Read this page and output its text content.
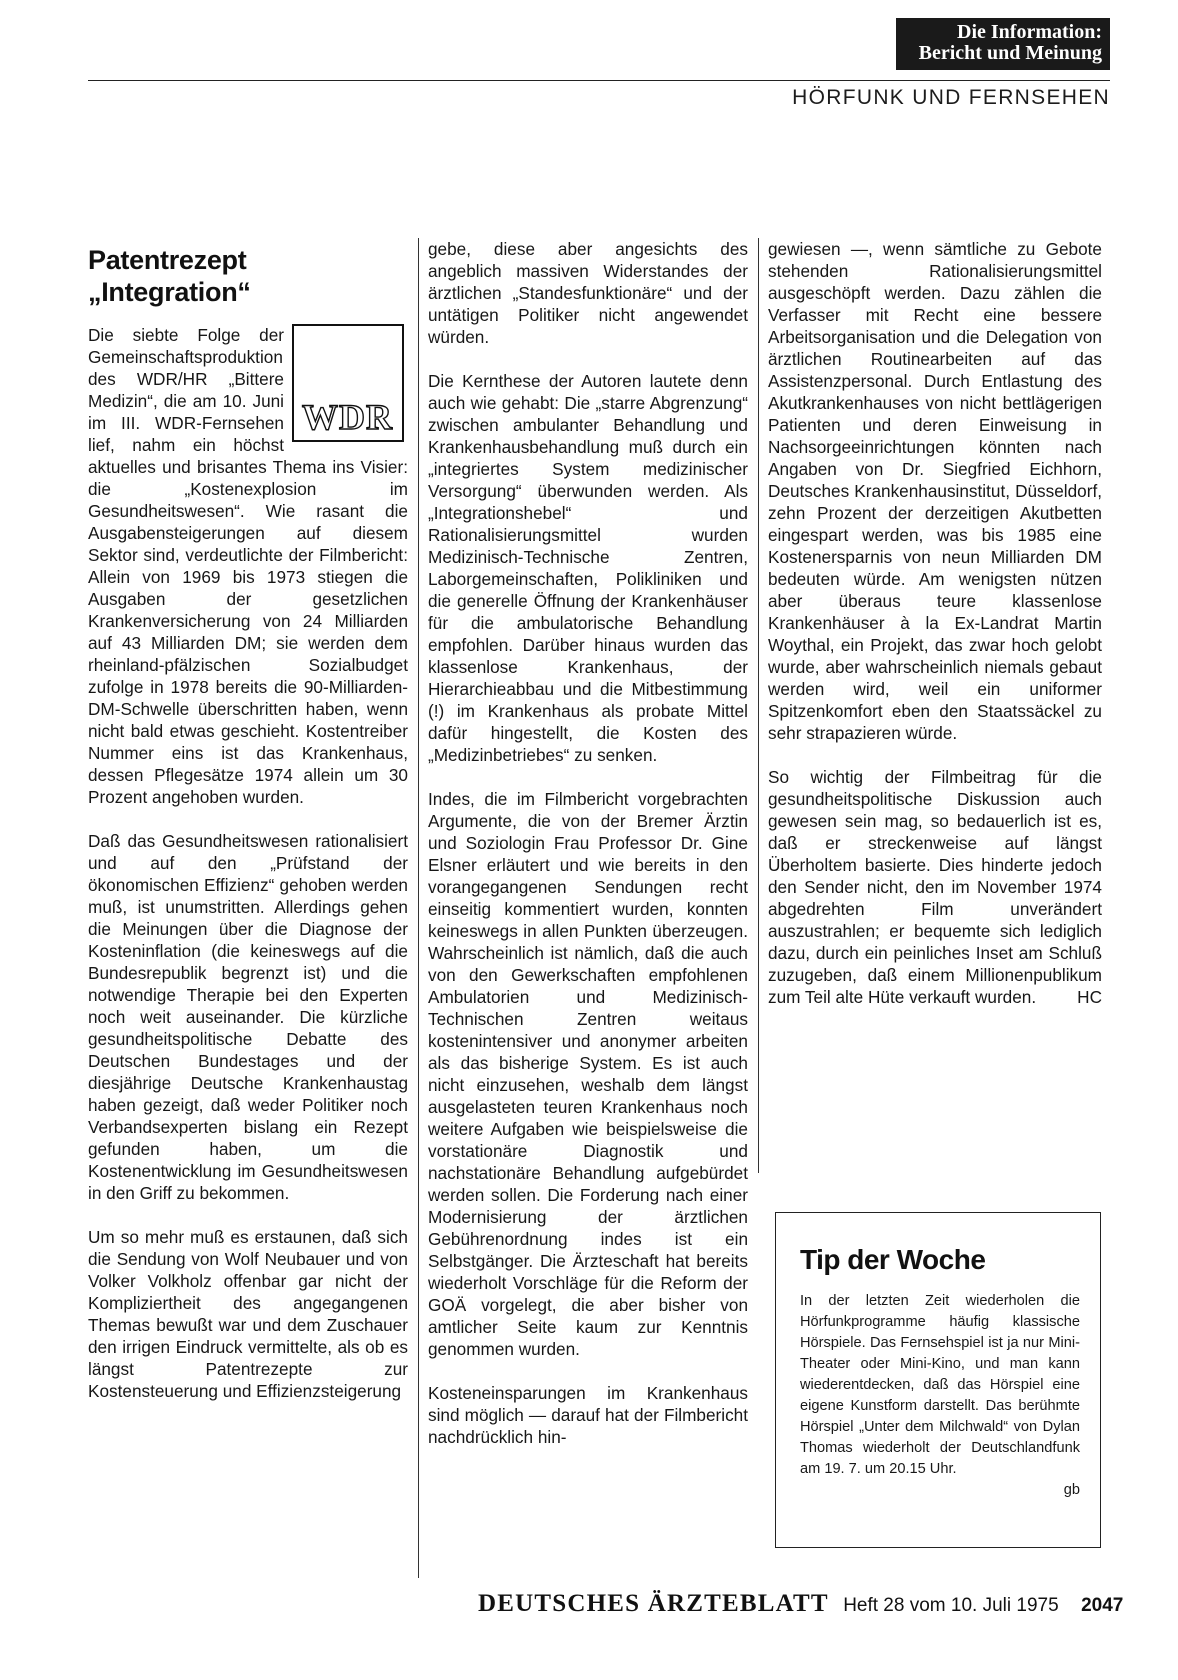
Die Information:
Bericht und Meinung
HÖRFUNK UND FERNSEHEN
Patentrezept
„Integration“

WDR
Die siebte Folge der Gemeinschaftsproduktion des WDR/HR „Bittere Medizin“, die am 10. Juni im III. WDR-Fernsehen lief, nahm ein höchst aktuelles und brisantes Thema ins Visier: die „Kostenexplosion im Gesundheitswesen“. Wie rasant die Ausgabensteigerungen auf diesem Sektor sind, verdeutlichte der Filmbericht: Allein von 1969 bis 1973 stiegen die Ausgaben der gesetzlichen Krankenversicherung von 24 Milliarden auf 43 Milliarden DM; sie werden dem rheinland-pfälzischen Sozialbudget zufolge in 1978 bereits die 90-Milliarden-DM-Schwelle überschritten haben, wenn nicht bald etwas geschieht. Kostentreiber Nummer eins ist das Krankenhaus, dessen Pflegesätze 1974 allein um 30 Prozent angehoben wurden.

Daß das Gesundheitswesen rationalisiert und auf den „Prüfstand der ökonomischen Effizienz“ gehoben werden muß, ist unumstritten. Allerdings gehen die Meinungen über die Diagnose der Kosteninflation (die keineswegs auf die Bundesrepublik begrenzt ist) und die notwendige Therapie bei den Experten noch weit auseinander. Die kürzliche gesundheitspolitische Debatte des Deutschen Bundestages und der diesjährige Deutsche Krankenhaustag haben gezeigt, daß weder Politiker noch Verbandsexperten bislang ein Rezept gefunden haben, um die Kostenentwicklung im Gesundheitswesen in den Griff zu bekommen.

Um so mehr muß es erstaunen, daß sich die Sendung von Wolf Neubauer und von Volker Volkholz offenbar gar nicht der Kompliziertheit des angegangenen Themas bewußt war und dem Zuschauer den irrigen Eindruck vermittelte, als ob es längst Patentrezepte zur Kostensteuerung und Effizienzsteigerung

gebe, diese aber angesichts des angeblich massiven Widerstandes der ärztlichen „Standesfunktionäre“ und der untätigen Politiker nicht angewendet würden.

Die Kernthese der Autoren lautete denn auch wie gehabt: Die „starre Abgrenzung“ zwischen ambulanter Behandlung und Krankenhausbehandlung muß durch ein „integriertes System medizinischer Versorgung“ überwunden werden. Als „Integrationshebel“ und Rationalisierungsmittel wurden Medizinisch-Technische Zentren, Laborgemeinschaften, Polikliniken und die generelle Öffnung der Krankenhäuser für die ambulatorische Behandlung empfohlen. Darüber hinaus wurden das klassenlose Krankenhaus, der Hierarchieabbau und die Mitbestimmung (!) im Krankenhaus als probate Mittel dafür hingestellt, die Kosten des „Medizinbetriebes“ zu senken.

Indes, die im Filmbericht vorgebrachten Argumente, die von der Bremer Ärztin und Soziologin Frau Professor Dr. Gine Elsner erläutert und wie bereits in den vorangegangenen Sendungen recht einseitig kommentiert wurden, konnten keineswegs in allen Punkten überzeugen. Wahrscheinlich ist nämlich, daß die auch von den Gewerkschaften empfohlenen Ambulatorien und Medizinisch-Technischen Zentren weitaus kostenintensiver und anonymer arbeiten als das bisherige System. Es ist auch nicht einzusehen, weshalb dem längst ausgelasteten teuren Krankenhaus noch weitere Aufgaben wie beispielsweise die vorstationäre Diagnostik und nachstationäre Behandlung aufgebürdet werden sollen. Die Forderung nach einer Modernisierung der ärztlichen Gebührenordnung indes ist ein Selbstgänger. Die Ärzteschaft hat bereits wiederholt Vorschläge für die Reform der GOÄ vorgelegt, die aber bisher von amtlicher Seite kaum zur Kenntnis genommen wurden.

Kosteneinsparungen im Krankenhaus sind möglich — darauf hat der Filmbericht nachdrücklich hin-

gewiesen —, wenn sämtliche zu Gebote stehenden Rationalisierungsmittel ausgeschöpft werden. Dazu zählen die Verfasser mit Recht eine bessere Arbeitsorganisation und die Delegation von ärztlichen Routinearbeiten auf das Assistenzpersonal. Durch Entlastung des Akutkrankenhauses von nicht bettlägerigen Patienten und deren Einweisung in Nachsorgeeinrichtungen könnten nach Angaben von Dr. Siegfried Eichhorn, Deutsches Krankenhausinstitut, Düsseldorf, zehn Prozent der derzeitigen Akutbetten eingespart werden, was bis 1985 eine Kostenersparnis von neun Milliarden DM bedeuten würde. Am wenigsten nützen aber überaus teure klassenlose Krankenhäuser à la Ex-Landrat Martin Woythal, ein Projekt, das zwar hoch gelobt wurde, aber wahrscheinlich niemals gebaut werden wird, weil ein uniformer Spitzenkomfort eben den Staatssäckel zu sehr strapazieren würde.

So wichtig der Filmbeitrag für die gesundheitspolitische Diskussion auch gewesen sein mag, so bedauerlich ist es, daß er streckenweise auf längst Überholtem basierte. Dies hinderte jedoch den Sender nicht, den im November 1974 abgedrehten Film unverändert auszustrahlen; er bequemte sich lediglich dazu, durch ein peinliches Inset am Schluß zuzugeben, daß einem Millionenpublikum zum Teil alte Hüte verkauft wurden. HC

Tip der Woche
In der letzten Zeit wiederholen die Hörfunkprogramme häufig klassische Hörspiele. Das Fernsehspiel ist ja nur Mini-Theater oder Mini-Kino, und man kann wiederentdecken, daß das Hörspiel eine eigene Kunstform darstellt. Das berühmte Hörspiel „Unter dem Milchwald“ von Dylan Thomas wiederholt der Deutschlandfunk am 19. 7. um 20.15 Uhr.
gb
DEUTSCHES ÄRZTEBLATT Heft 28 vom 10. Juli 1975 2047
